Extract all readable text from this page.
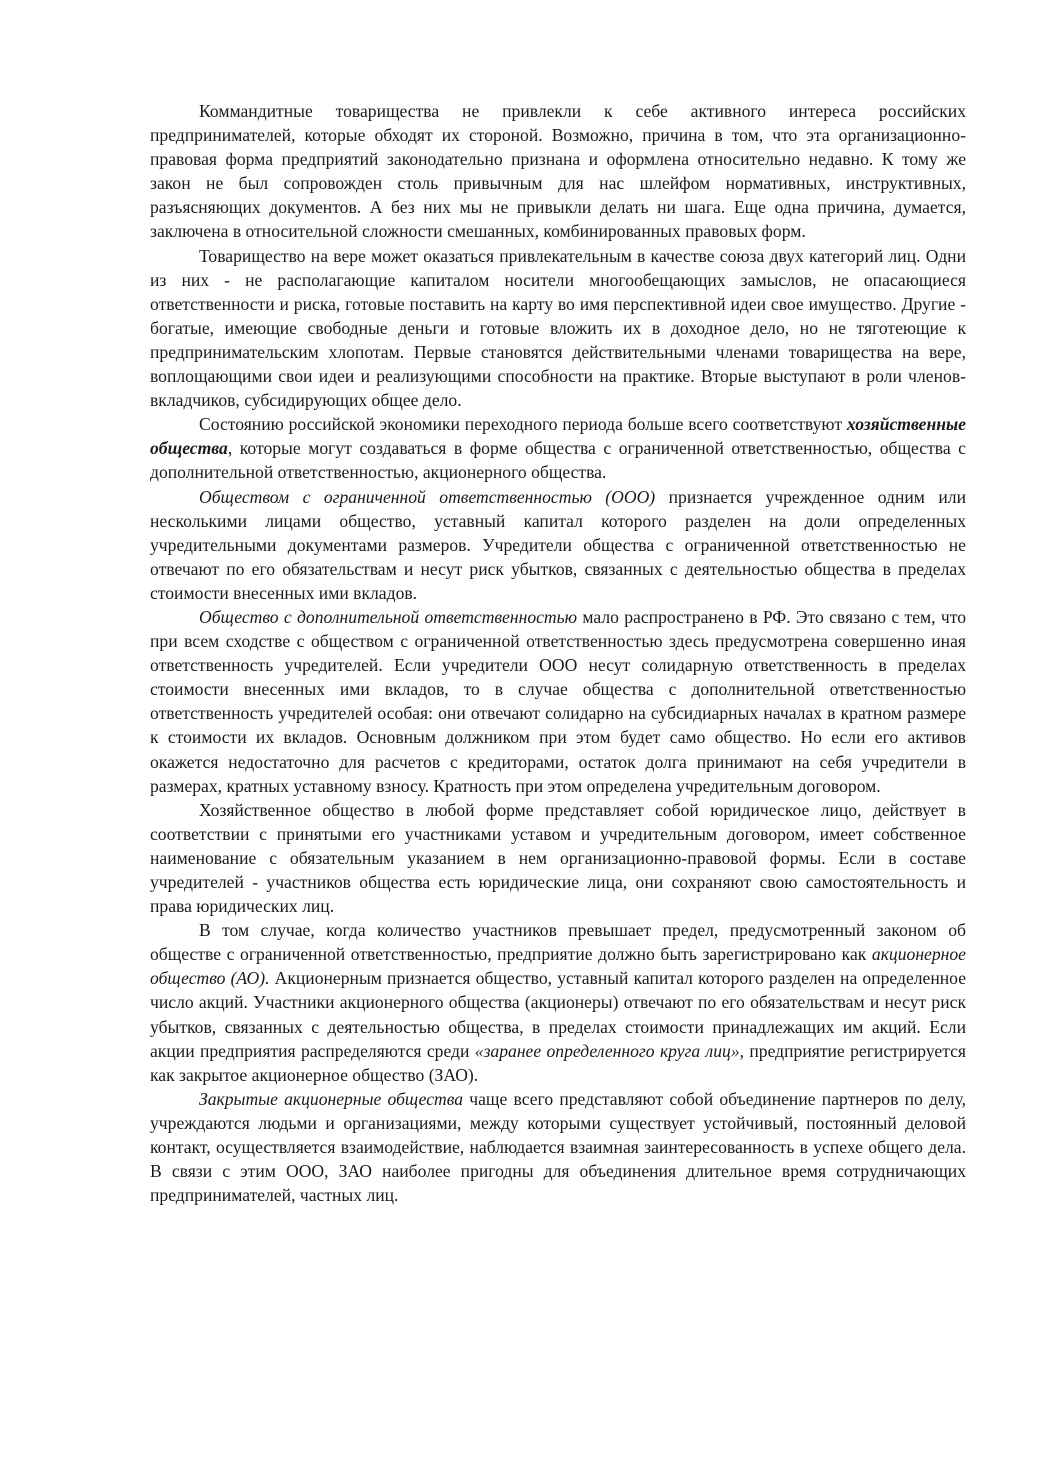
Коммандитные товарищества не привлекли к себе активного интереса российских предпринимателей, которые обходят их стороной. Возможно, причина в том, что эта организационно-правовая форма предприятий законодательно признана и оформлена относительно недавно. К тому же закон не был сопровожден столь привычным для нас шлейфом нормативных, инструктивных, разъясняющих документов. А без них мы не привыкли делать ни шага. Еще одна причина, думается, заключена в относительной сложности смешанных, комбинированных правовых форм.

Товарищество на вере может оказаться привлекательным в качестве союза двух категорий лиц. Одни из них - не располагающие капиталом носители многообещающих замыслов, не опасающиеся ответственности и риска, готовые поставить на карту во имя перспективной идеи свое имущество. Другие - богатые, имеющие свободные деньги и готовые вложить их в доходное дело, но не тяготеющие к предпринимательским хлопотам. Первые становятся действительными членами товарищества на вере, воплощающими свои идеи и реализующими способности на практике. Вторые выступают в роли членов-вкладчиков, субсидирующих общее дело.

Состоянию российской экономики переходного периода больше всего соответствуют хозяйственные общества, которые могут создаваться в форме общества с ограниченной ответственностью, общества с дополнительной ответственностью, акционерного общества.

Обществом с ограниченной ответственностью (ООО) признается учрежденное одним или несколькими лицами общество, уставный капитал которого разделен на доли определенных учредительными документами размеров. Учредители общества с ограниченной ответственностью не отвечают по его обязательствам и несут риск убытков, связанных с деятельностью общества в пределах стоимости внесенных ими вкладов.

Общество с дополнительной ответственностью мало распространено в РФ. Это связано с тем, что при всем сходстве с обществом с ограниченной ответственностью здесь предусмотрена совершенно иная ответственность учредителей. Если учредители ООО несут солидарную ответственность в пределах стоимости внесенных ими вкладов, то в случае общества с дополнительной ответственностью ответственность учредителей особая: они отвечают солидарно на субсидиарных началах в кратном размере к стоимости их вкладов. Основным должником при этом будет само общество. Но если его активов окажется недостаточно для расчетов с кредиторами, остаток долга принимают на себя учредители в размерах, кратных уставному взносу. Кратность при этом определена учредительным договором.

Хозяйственное общество в любой форме представляет собой юридическое лицо, действует в соответствии с принятыми его участниками уставом и учредительным договором, имеет собственное наименование с обязательным указанием в нем организационно-правовой формы. Если в составе учредителей - участников общества есть юридические лица, они сохраняют свою самостоятельность и права юридических лиц.

В том случае, когда количество участников превышает предел, предусмотренный законом об обществе с ограниченной ответственностью, предприятие должно быть зарегистрировано как акционерное общество (АО). Акционерным признается общество, уставный капитал которого разделен на определенное число акций. Участники акционерного общества (акционеры) отвечают по его обязательствам и несут риск убытков, связанных с деятельностью общества, в пределах стоимости принадлежащих им акций. Если акции предприятия распределяются среди «заранее определенного круга лиц», предприятие регистрируется как закрытое акционерное общество (ЗАО).

Закрытые акционерные общества чаще всего представляют собой объединение партнеров по делу, учреждаются людьми и организациями, между которыми существует устойчивый, постоянный деловой контакт, осуществляется взаимодействие, наблюдается взаимная заинтересованность в успехе общего дела. В связи с этим ООО, ЗАО наиболее пригодны для объединения длительное время сотрудничающих предпринимателей, частных лиц.
